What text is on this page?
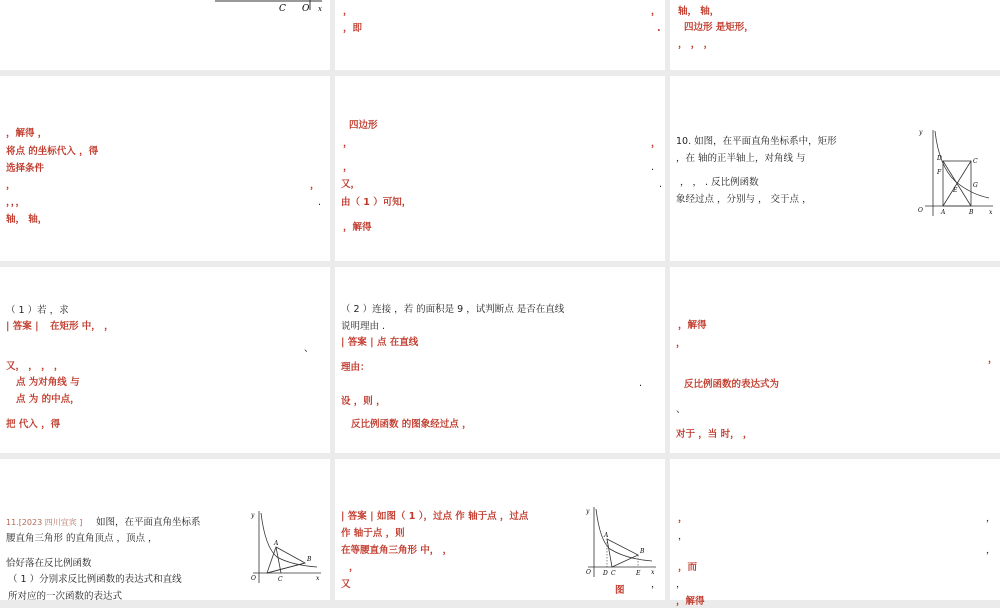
C O x ，	，
，即	.
轴， 轴，
四边形 是矩形，
， ， ，
，解得 ，
将点 的坐标代入 ，得
选择条件
，	，
，，，	.
轴， 轴，
四边形
，	，
，	.
又，	.
由（ 1 ）可知，
，解得
10. 如图，在平面直角坐标系中，矩形
，在 轴的正半轴上，对角线 与
， ， . 反比例函数
象经过点 ，分别与 ， 交于点 ，
y
x
O
D	C
F
G
E
A	B
（ 1 ）若 ，求
| 答案 | 在矩形 中， ，
、
又， ， ， ，
点 为对角线 与
点 为 的中点，
把 代入 ，得
（ 2 ）连接 ，若 的面积是 9 ，试判断点 是否在直线
说明理由 .
| 答案 | 点 在直线
理由：
.
设 ，则 ，
反比例函数 的图象经过点 ，
，解得
，
，
反比例函数的表达式为
、
对于 ，当 时， ，
11.[2023 四川宜宾 ] 如图，在平面直角坐标系
腰直角三角形 的直角顶点 ，顶点 ，
恰好落在反比例函数
（ 1 ）分别求反比例函数的表达式和直线
所对应的一次函数的表达式
y
x
O
A
B
C
| 答案 | 如图（ 1 ），过点 作 轴于点 ，过点
作 轴于点 ，则
在等腰直角三角形 中， ，
，
又
图
，
y
x
O
A
B
D C	E
，	，
，
，
，而
，
，解得
